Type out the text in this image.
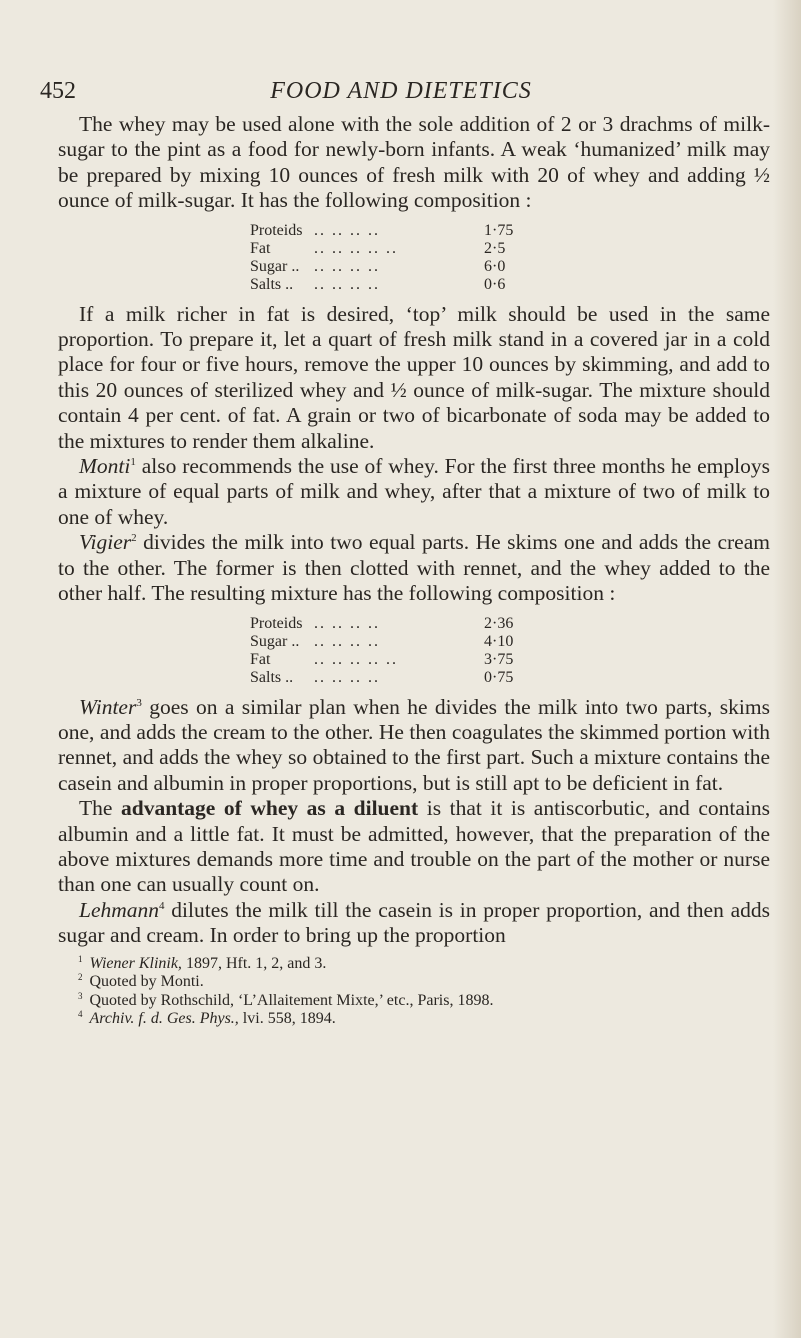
452	FOOD AND DIETETICS

The whey may be used alone with the sole addition of 2 or 3 drachms of milk-sugar to the pint as a food for newly-born infants. A weak ‘humanized’ milk may be prepared by mixing 10 ounces of fresh milk with 20 of whey and adding ½ ounce of milk-sugar. It has the following composition :

Proteids	.. .. .. ..	1·75
Fat	.. .. .. .. ..	2·5
Sugar ..	.. .. .. ..	6·0
Salts ..	.. .. .. ..	0·6

If a milk richer in fat is desired, ‘top’ milk should be used in the same proportion. To prepare it, let a quart of fresh milk stand in a covered jar in a cold place for four or five hours, remove the upper 10 ounces by skimming, and add to this 20 ounces of sterilized whey and ½ ounce of milk-sugar. The mixture should contain 4 per cent. of fat. A grain or two of bicarbonate of soda may be added to the mixtures to render them alkaline.

Monti$^1$ also recommends the use of whey. For the first three months he employs a mixture of equal parts of milk and whey, after that a mixture of two of milk to one of whey.

Vigier$^2$ divides the milk into two equal parts. He skims one and adds the cream to the other. The former is then clotted with rennet, and the whey added to the other half. The resulting mixture has the following composition :

Proteids	.. .. .. ..	2·36
Sugar ..	.. .. .. ..	4·10
Fat	.. .. .. .. ..	3·75
Salts ..	.. .. .. ..	0·75

Winter$^3$ goes on a similar plan when he divides the milk into two parts, skims one, and adds the cream to the other. He then coagulates the skimmed portion with rennet, and adds the whey so obtained to the first part. Such a mixture contains the casein and albumin in proper proportions, but is still apt to be deficient in fat.

The advantage of whey as a diluent is that it is antiscorbutic, and contains albumin and a little fat. It must be admitted, however, that the preparation of the above mixtures demands more time and trouble on the part of the mother or nurse than one can usually count on.

Lehmann$^4$ dilutes the milk till the casein is in proper proportion, and then adds sugar and cream. In order to bring up the proportion

$^1$ Wiener Klinik, 1897, Hft. 1, 2, and 3.
$^2$ Quoted by Monti.
$^3$ Quoted by Rothschild, ‘L’Allaitement Mixte,’ etc., Paris, 1898.
$^4$ Archiv. f. d. Ges. Phys., lvi. 558, 1894.
